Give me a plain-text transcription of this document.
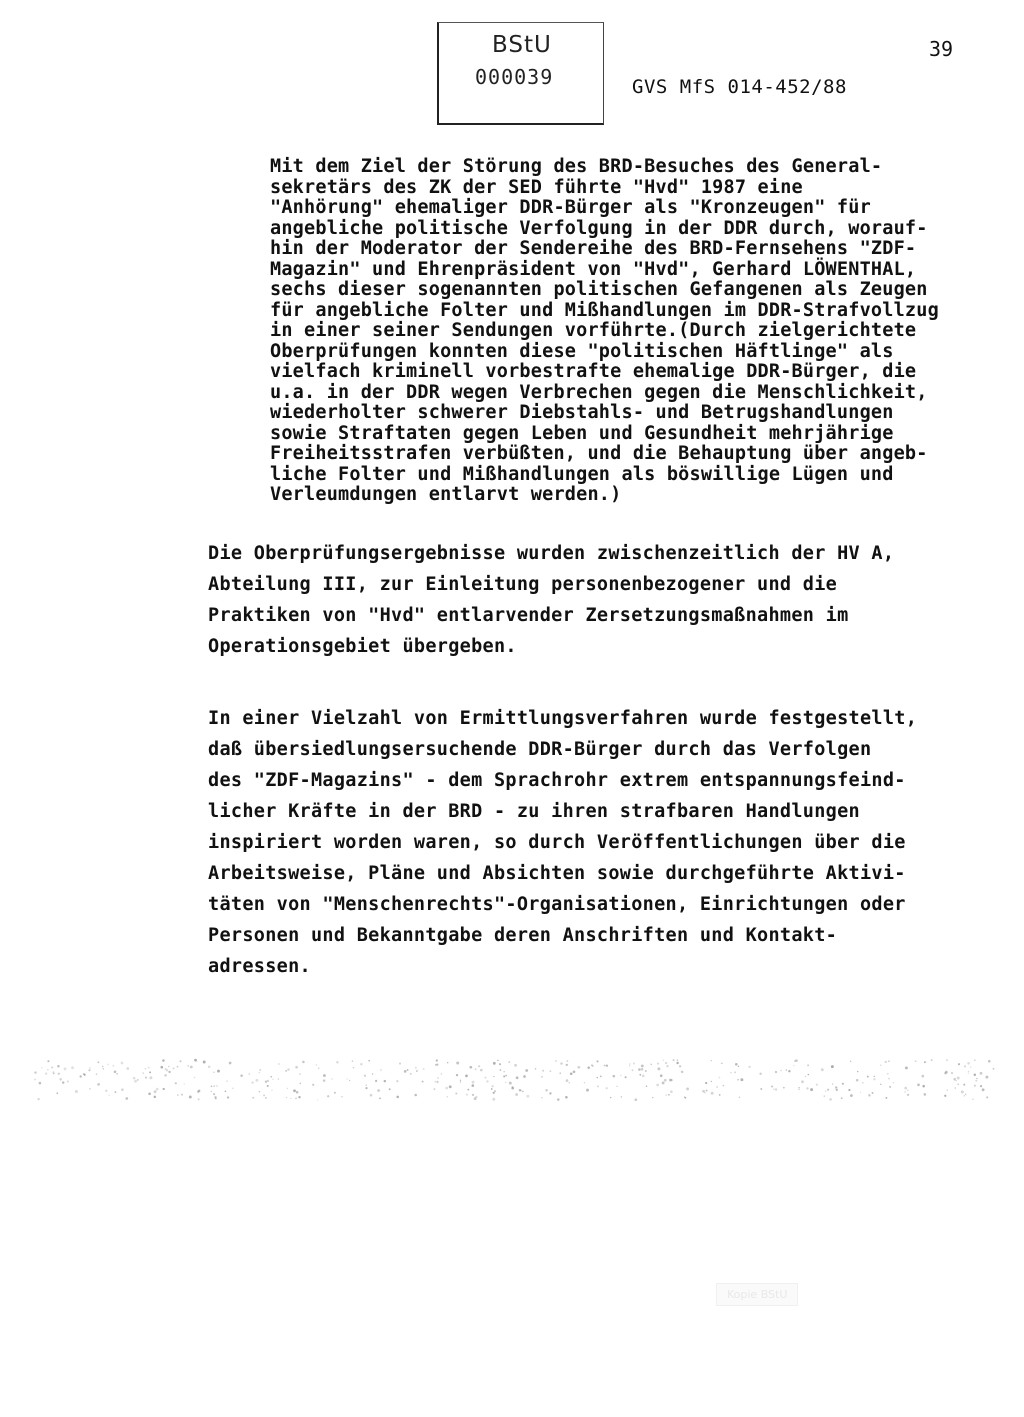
BStU
000039
39
GVS MfS 014-452/88

Mit dem Ziel der Störung des BRD-Besuches des General-
sekretärs des ZK der SED führte "Hvd" 1987 eine
"Anhörung" ehemaliger DDR-Bürger als "Kronzeugen" für
angebliche politische Verfolgung in der DDR durch, worauf-
hin der Moderator der Sendereihe des BRD-Fernsehens "ZDF-
Magazin" und Ehrenpräsident von "Hvd", Gerhard LÖWENTHAL,
sechs dieser sogenannten politischen Gefangenen als Zeugen
für angebliche Folter und Mißhandlungen im DDR-Strafvollzug
in einer seiner Sendungen vorführte.(Durch zielgerichtete
Oberprüfungen konnten diese "politischen Häftlinge" als
vielfach kriminell vorbestrafte ehemalige DDR-Bürger, die
u.a. in der DDR wegen Verbrechen gegen die Menschlichkeit,
wiederholter schwerer Diebstahls- und Betrugshandlungen
sowie Straftaten gegen Leben und Gesundheit mehrjährige
Freiheitsstrafen verbüßten, und die Behauptung über angeb-
liche Folter und Mißhandlungen als böswillige Lügen und
Verleumdungen entlarvt werden.)

Die Oberprüfungsergebnisse wurden zwischenzeitlich der HV A,
Abteilung III, zur Einleitung personenbezogener und die
Praktiken von "Hvd" entlarvender Zersetzungsmaßnahmen im
Operationsgebiet übergeben.

In einer Vielzahl von Ermittlungsverfahren wurde festgestellt,
daß übersiedlungsersuchende DDR-Bürger durch das Verfolgen
des "ZDF-Magazins" - dem Sprachrohr extrem entspannungsfeind-
licher Kräfte in der BRD - zu ihren strafbaren Handlungen
inspiriert worden waren, so durch Veröffentlichungen über die
Arbeitsweise, Pläne und Absichten sowie durchgeführte Aktivi-
täten von "Menschenrechts"-Organisationen, Einrichtungen oder
Personen und Bekanntgabe deren Anschriften und Kontakt-
adressen.

Kopie BStU
